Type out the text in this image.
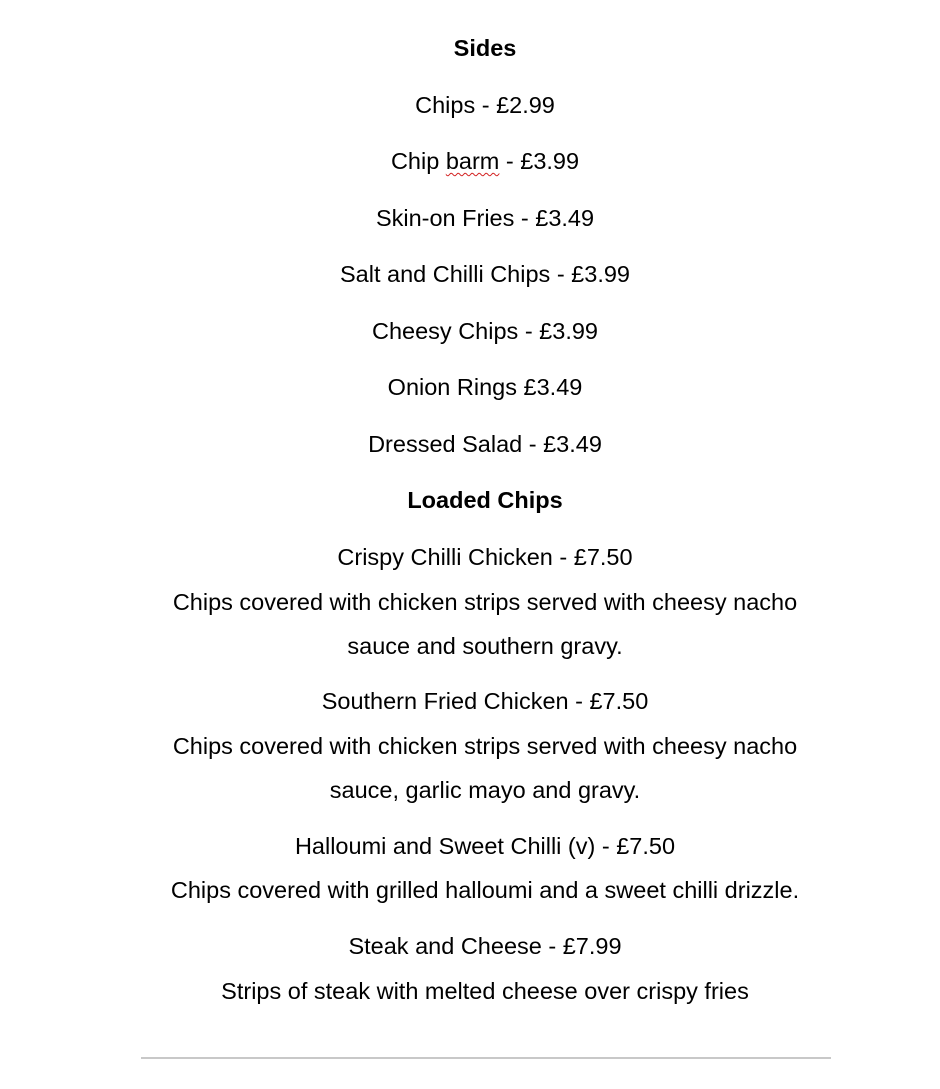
Sides
Chips - £2.99
Chip barm - £3.99
Skin-on Fries - £3.49
Salt and Chilli Chips - £3.99
Cheesy Chips - £3.99
Onion Rings £3.49
Dressed Salad - £3.49
Loaded Chips
Crispy Chilli Chicken - £7.50
Chips covered with chicken strips served with cheesy nacho
sauce and southern gravy.
Southern Fried Chicken - £7.50
Chips covered with chicken strips served with cheesy nacho
sauce, garlic mayo and gravy.
Halloumi and Sweet Chilli (v) - £7.50
Chips covered with grilled halloumi and a sweet chilli drizzle.
Steak and Cheese - £7.99
Strips of steak with melted cheese over crispy fries
